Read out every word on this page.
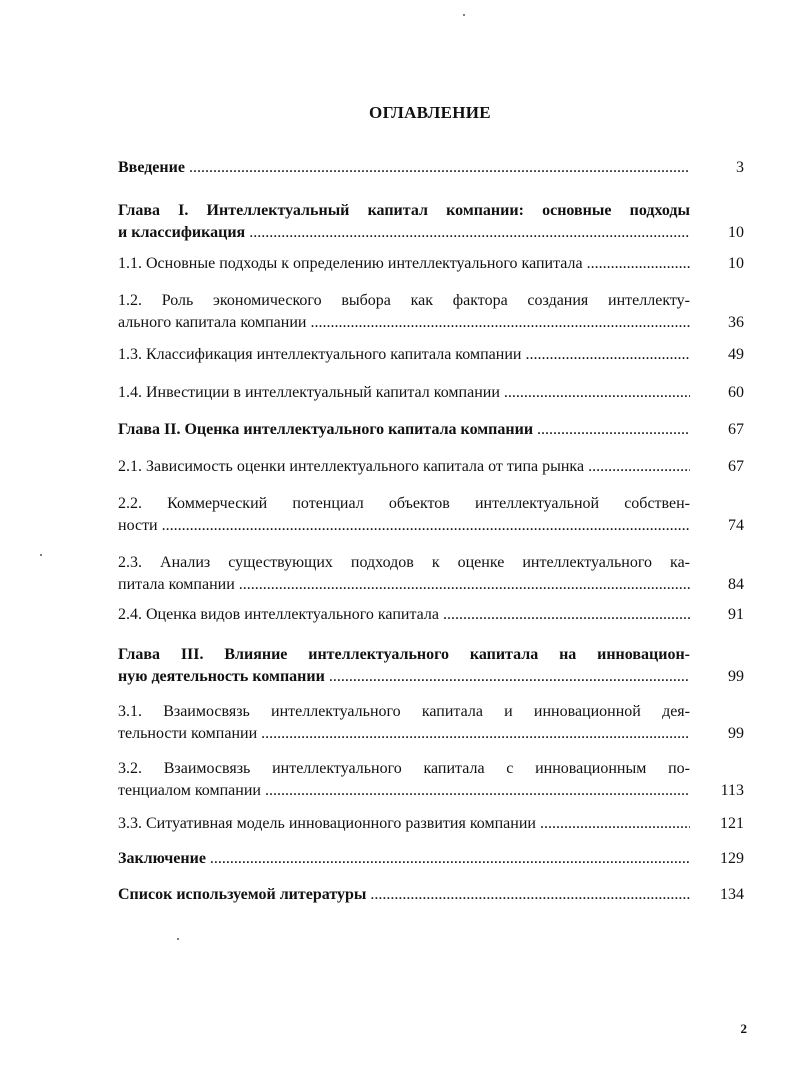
ОГЛАВЛЕНИЕ
Введение .....	3
Глава I. Интеллектуальный капитал компании: основные подходы
и классификация .....	10
1.1. Основные подходы к определению интеллектуального капитала .....	10
1.2. Роль экономического выбора как фактора создания интеллекту-
ального капитала компании .....	36
1.3. Классификация интеллектуального капитала компании .....	49
1.4. Инвестиции в интеллектуальный капитал компании .....	60
Глава II. Оценка интеллектуального капитала компании .....	67
2.1. Зависимость оценки интеллектуального капитала от типа рынка .....	67
2.2. Коммерческий потенциал объектов интеллектуальной собствен-
ности .....	74
2.3. Анализ существующих подходов к оценке интеллектуального ка-
питала компании .....	84
2.4. Оценка видов интеллектуального капитала .....	91
Глава III. Влияние интеллектуального капитала на инновацион-
ную деятельность компании .....	99
3.1. Взаимосвязь интеллектуального капитала и инновационной дея-
тельности компании .....	99
3.2. Взаимосвязь интеллектуального капитала с инновационным по-
тенциалом компании .....	113
3.3. Ситуативная модель инновационного развития компании .....	121
Заключение .....	129
Список используемой литературы .....	134
2
